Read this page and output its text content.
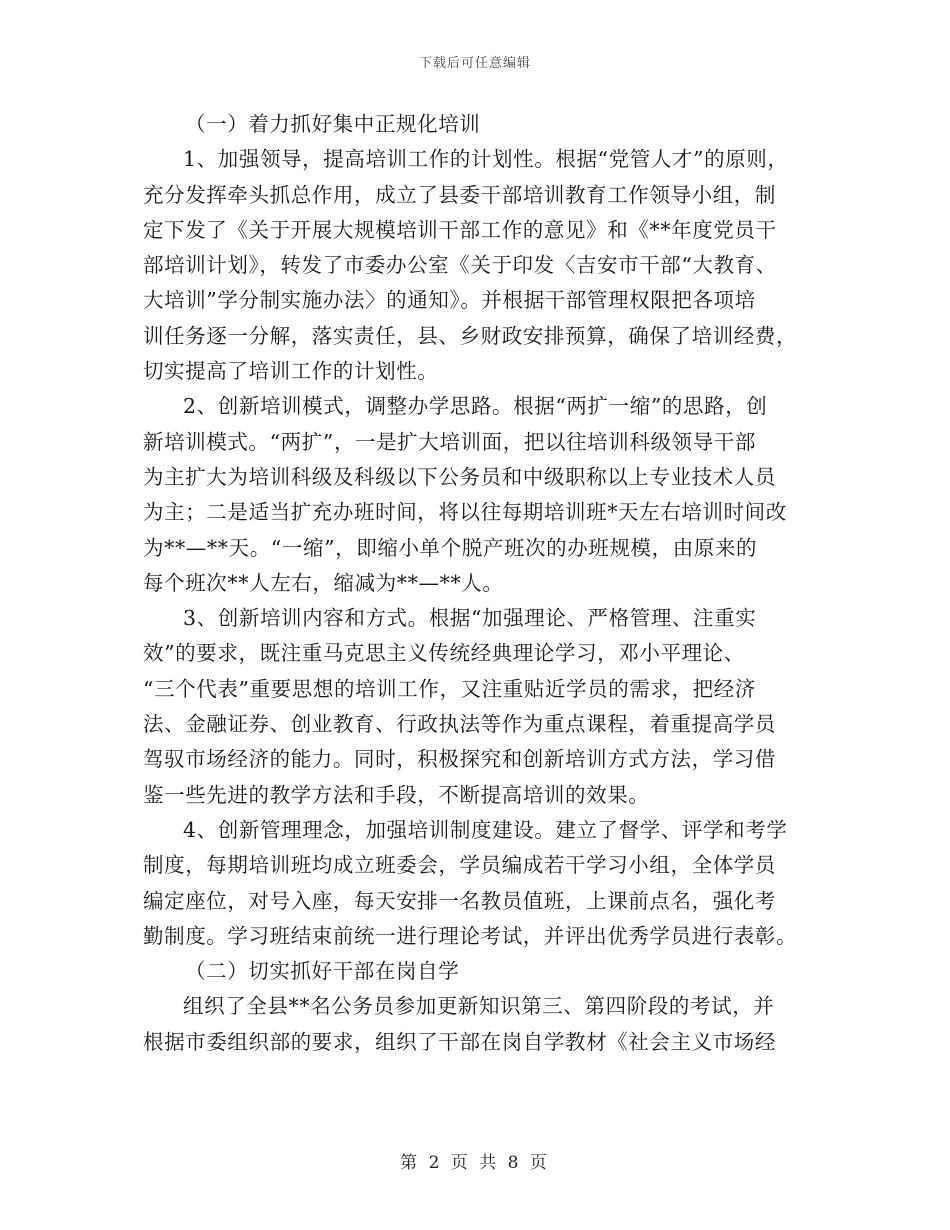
下载后可任意编辑
（一）着力抓好集中正规化培训
1、加强领导，提高培训工作的计划性。根据“党管人才”的原则，
充分发挥牵头抓总作用，成立了县委干部培训教育工作领导小组，制
定下发了《关于开展大规模培训干部工作的意见》和《**年度党员干
部培训计划》，转发了市委办公室《关于印发〈吉安市干部“大教育、
大培训”学分制实施办法〉的通知》。并根据干部管理权限把各项培
训任务逐一分解，落实责任，县、乡财政安排预算，确保了培训经费，
切实提高了培训工作的计划性。
2、创新培训模式，调整办学思路。根据“两扩一缩”的思路，创
新培训模式。“两扩”，一是扩大培训面，把以往培训科级领导干部
为主扩大为培训科级及科级以下公务员和中级职称以上专业技术人员
为主；二是适当扩充办班时间，将以往每期培训班*天左右培训时间改
为**—**天。“一缩”，即缩小单个脱产班次的办班规模，由原来的
每个班次**人左右，缩减为**—**人。
3、创新培训内容和方式。根据“加强理论、严格管理、注重实
效”的要求，既注重马克思主义传统经典理论学习，邓小平理论、
“三个代表”重要思想的培训工作，又注重贴近学员的需求，把经济
法、金融证券、创业教育、行政执法等作为重点课程，着重提高学员
驾驭市场经济的能力。同时，积极探究和创新培训方式方法，学习借
鉴一些先进的教学方法和手段，不断提高培训的效果。
4、创新管理理念，加强培训制度建设。建立了督学、评学和考学
制度，每期培训班均成立班委会，学员编成若干学习小组，全体学员
编定座位，对号入座，每天安排一名教员值班，上课前点名，强化考
勤制度。学习班结束前统一进行理论考试，并评出优秀学员进行表彰。
（二）切实抓好干部在岗自学
组织了全县**名公务员参加更新知识第三、第四阶段的考试，并
根据市委组织部的要求，组织了干部在岗自学教材《社会主义市场经
第 2 页 共 8 页
